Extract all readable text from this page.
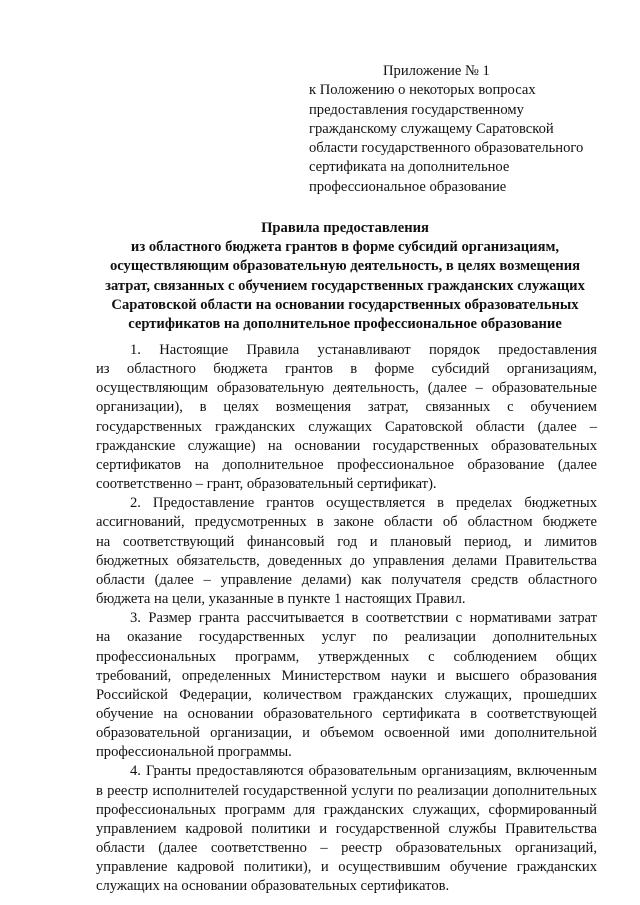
Приложение № 1
к Положению о некоторых вопросах
предоставления государственному
гражданскому служащему Саратовской
области государственного образовательного
сертификата на дополнительное
профессиональное образование
Правила предоставления
из областного бюджета грантов в форме субсидий организациям,
осуществляющим образовательную деятельность, в целях возмещения
затрат, связанных с обучением государственных гражданских служащих
Саратовской области на основании государственных образовательных
сертификатов на дополнительное профессиональное образование

1. Настоящие Правила устанавливают порядок предоставления
из областного бюджета грантов в форме субсидий организациям,
осуществляющим образовательную деятельность, (далее – образовательные
организации), в целях возмещения затрат, связанных с обучением
государственных гражданских служащих Саратовской области (далее –
гражданские служащие) на основании государственных образовательных
сертификатов на дополнительное профессиональное образование (далее
соответственно – грант, образовательный сертификат).

2. Предоставление грантов осуществляется в пределах бюджетных
ассигнований, предусмотренных в законе области об областном бюджете
на соответствующий финансовый год и плановый период, и лимитов
бюджетных обязательств, доведенных до управления делами Правительства
области (далее – управление делами) как получателя средств областного
бюджета на цели, указанные в пункте 1 настоящих Правил.

3. Размер гранта рассчитывается в соответствии с нормативами затрат
на оказание государственных услуг по реализации дополнительных
профессиональных программ, утвержденных с соблюдением общих
требований, определенных Министерством науки и высшего образования
Российской Федерации, количеством гражданских служащих, прошедших
обучение на основании образовательного сертификата в соответствующей
образовательной организации, и объемом освоенной ими дополнительной
профессиональной программы.

4. Гранты предоставляются образовательным организациям, включенным
в реестр исполнителей государственной услуги по реализации дополнительных
профессиональных программ для гражданских служащих, сформированный
управлением кадровой политики и государственной службы Правительства
области (далее соответственно – реестр образовательных организаций,
управление кадровой политики), и осуществившим обучение гражданских
служащих на основании образовательных сертификатов.
